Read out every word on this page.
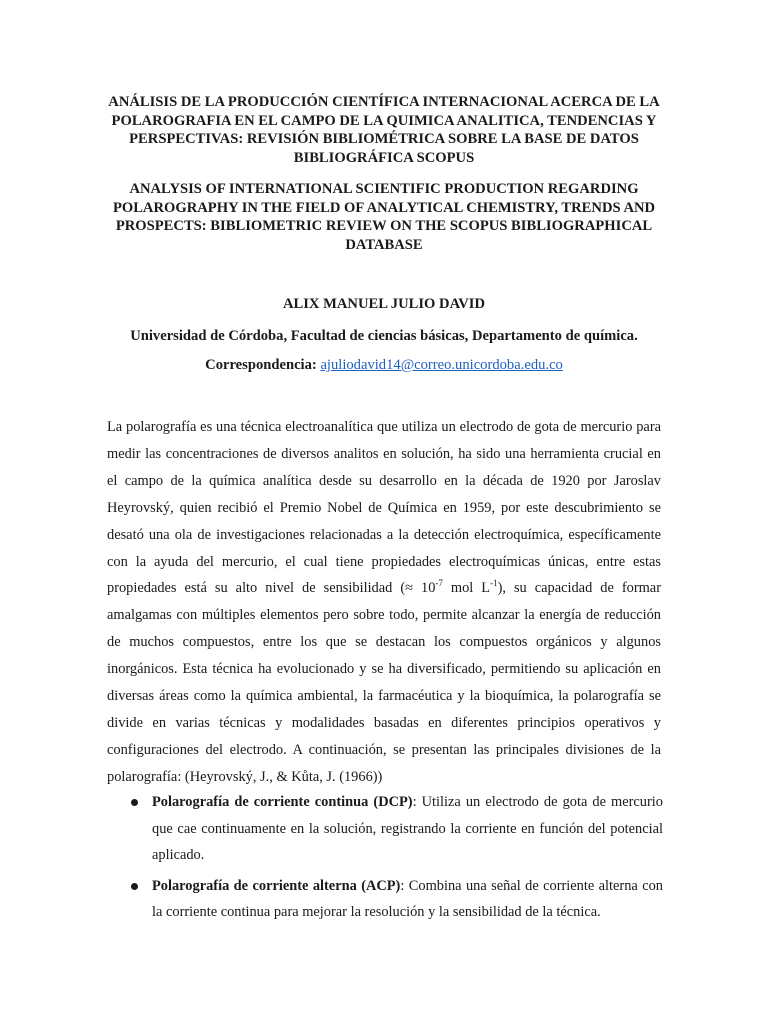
ANÁLISIS DE LA PRODUCCIÓN CIENTÍFICA INTERNACIONAL ACERCA DE LA POLAROGRAFIA EN EL CAMPO DE LA QUIMICA ANALITICA, TENDENCIAS Y PERSPECTIVAS: REVISIÓN BIBLIOMÉTRICA SOBRE LA BASE DE DATOS BIBLIOGRÁFICA SCOPUS
ANALYSIS OF INTERNATIONAL SCIENTIFIC PRODUCTION REGARDING POLAROGRAPHY IN THE FIELD OF ANALYTICAL CHEMISTRY, TRENDS AND PROSPECTS: BIBLIOMETRIC REVIEW ON THE SCOPUS BIBLIOGRAPHICAL DATABASE

ALIX MANUEL JULIO DAVID

Universidad de Córdoba, Facultad de ciencias básicas, Departamento de química.

Correspondencia: ajuliodavid14@correo.unicordoba.edu.co

La polarografía es una técnica electroanalítica que utiliza un electrodo de gota de mercurio para medir las concentraciones de diversos analitos en solución, ha sido una herramienta crucial en el campo de la química analítica desde su desarrollo en la década de 1920 por Jaroslav Heyrovský, quien recibió el Premio Nobel de Química en 1959, por este descubrimiento se desató una ola de investigaciones relacionadas a la detección electroquímica, específicamente con la ayuda del mercurio, el cual tiene propiedades electroquímicas únicas, entre estas propiedades está su alto nivel de sensibilidad (≈ $10^{-7}$ mol $L^{-1}$), su capacidad de formar amalgamas con múltiples elementos pero sobre todo, permite alcanzar la energía de reducción de muchos compuestos, entre los que se destacan los compuestos orgánicos y algunos inorgánicos. Esta técnica ha evolucionado y se ha diversificado, permitiendo su aplicación en diversas áreas como la química ambiental, la farmacéutica y la bioquímica, la polarografía se divide en varias técnicas y modalidades basadas en diferentes principios operativos y configuraciones del electrodo. A continuación, se presentan las principales divisiones de la polarografía: (Heyrovský, J., & Kůta, J. (1966))

Polarografía de corriente continua (DCP): Utiliza un electrodo de gota de mercurio que cae continuamente en la solución, registrando la corriente en función del potencial aplicado.
Polarografía de corriente alterna (ACP): Combina una señal de corriente alterna con la corriente continua para mejorar la resolución y la sensibilidad de la técnica.
